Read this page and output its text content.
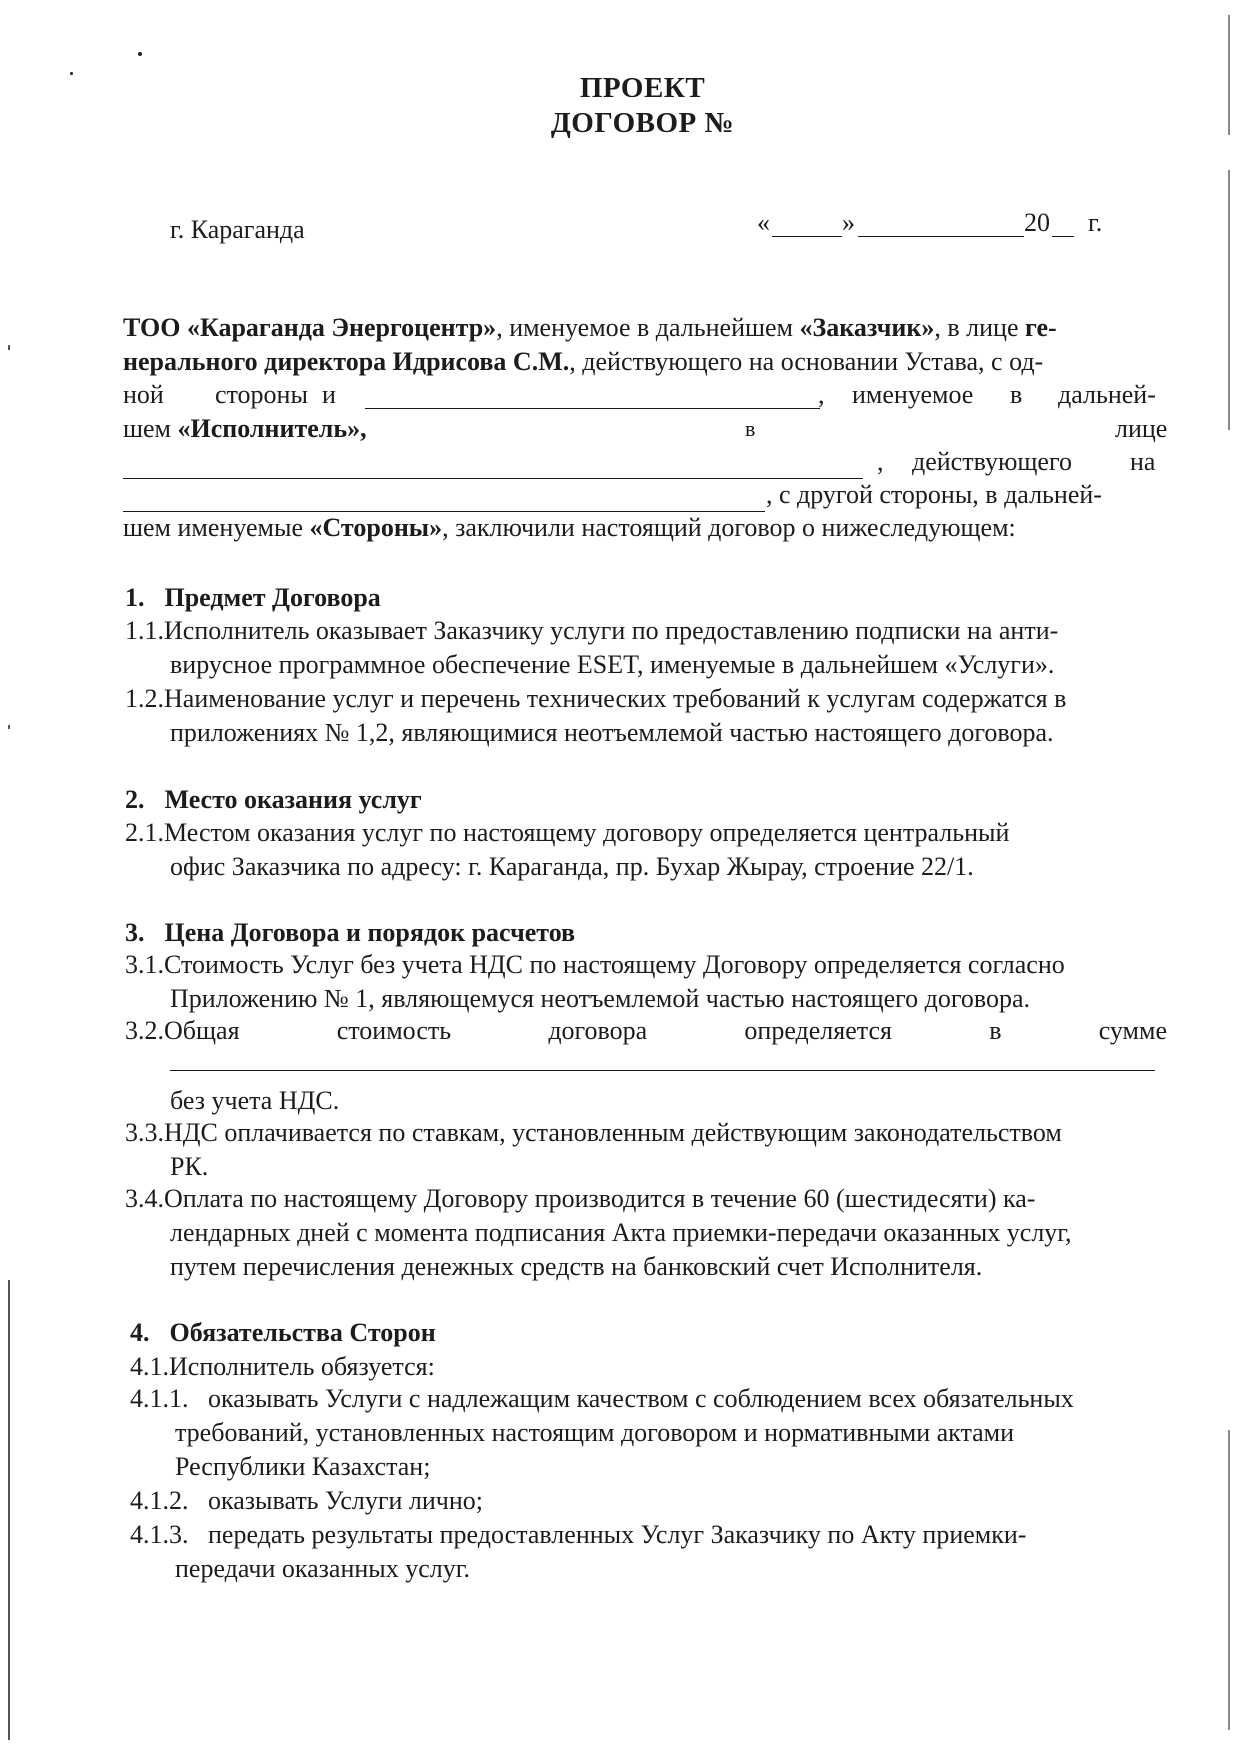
ПРОЕКТ
ДОГОВОР №
г. Караганда	«	»	20 г.
ТОО «Караганда Энергоцентр», именуемое в дальнейшем «Заказчик», в лице ге-
нерального директора Идрисова С.М., действующего на основании Устава, с од-
ной стороны и	, именуемое в дальней-
шем «Исполнитель»,	в	лице
, действующего на
, с другой стороны, в дальней-
шем именуемые «Стороны», заключили настоящий договор о нижеследующем:
1. Предмет Договора
1.1.Исполнитель оказывает Заказчику услуги по предоставлению подписки на анти-
вирусное программное обеспечение ESET, именуемые в дальнейшем «Услуги».
1.2.Наименование услуг и перечень технических требований к услугам содержатся в
приложениях № 1,2, являющимися неотъемлемой частью настоящего договора.
2. Место оказания услуг
2.1.Местом оказания услуг по настоящему договору определяется центральный
офис Заказчика по адресу: г. Караганда, пр. Бухар Жырау, строение 22/1.
3. Цена Договора и порядок расчетов
3.1.Стоимость Услуг без учета НДС по настоящему Договору определяется согласно
Приложению № 1, являющемуся неотъемлемой частью настоящего договора.
3.2.Общая	стоимость	договора	определяется	в	сумме
без учета НДС.
3.3.НДС оплачивается по ставкам, установленным действующим законодательством
РК.
3.4.Оплата по настоящему Договору производится в течение 60 (шестидесяти) ка-
лендарных дней с момента подписания Акта приемки-передачи оказанных услуг,
путем перечисления денежных средств на банковский счет Исполнителя.
4. Обязательства Сторон
4.1.Исполнитель обязуется:
4.1.1. оказывать Услуги с надлежащим качеством с соблюдением всех обязательных
требований, установленных настоящим договором и нормативными актами
Республики Казахстан;
4.1.2. оказывать Услуги лично;
4.1.3. передать результаты предоставленных Услуг Заказчику по Акту приемки-
передачи оказанных услуг.
